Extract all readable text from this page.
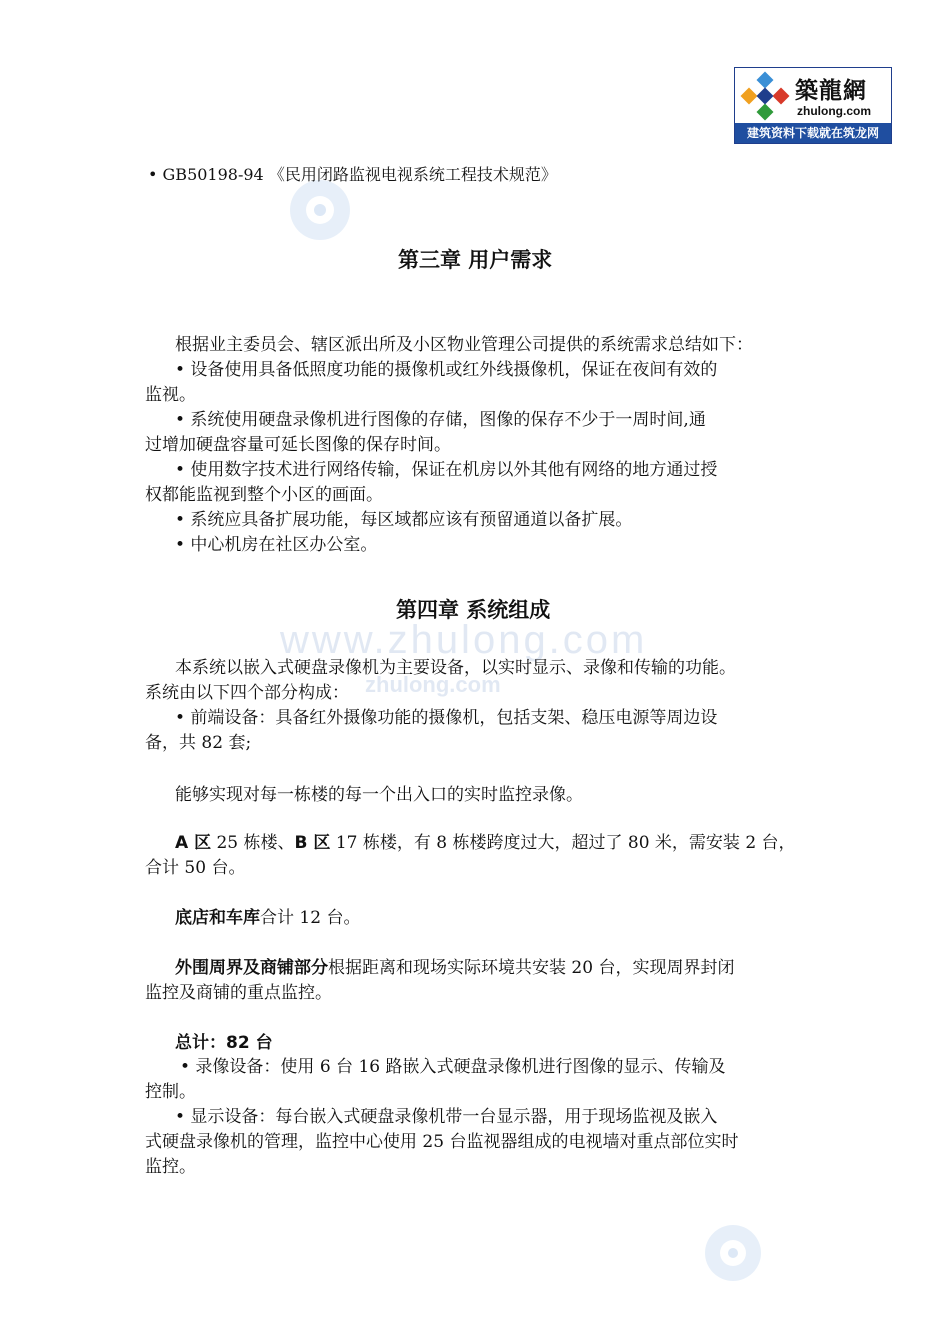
築龍網
zhulong.com
建筑资料下载就在筑龙网
www.zhulong.com
zhulong.com
• GB50198-94 《民用闭路监视电视系统工程技术规范》
第三章 用户需求
根据业主委员会、辖区派出所及小区物业管理公司提供的系统需求总结如下：
• 设备使用具备低照度功能的摄像机或红外线摄像机，保证在夜间有效的
监视。
• 系统使用硬盘录像机进行图像的存储，图像的保存不少于一周时间,通
过增加硬盘容量可延长图像的保存时间。
• 使用数字技术进行网络传输，保证在机房以外其他有网络的地方通过授
权都能监视到整个小区的画面。
• 系统应具备扩展功能，每区域都应该有预留通道以备扩展。
• 中心机房在社区办公室。
第四章 系统组成
本系统以嵌入式硬盘录像机为主要设备，以实时显示、录像和传输的功能。
系统由以下四个部分构成：
• 前端设备：具备红外摄像功能的摄像机，包括支架、稳压电源等周边设
备，共 82 套;
能够实现对每一栋楼的每一个出入口的实时监控录像。
A 区 25 栋楼、B 区 17 栋楼，有 8 栋楼跨度过大，超过了 80 米，需安装 2 台，
合计 50 台。
底店和车库合计 12 台。
外围周界及商铺部分根据距离和现场实际环境共安装 20 台，实现周界封闭
监控及商铺的重点监控。
总计：82 台
• 录像设备：使用 6 台 16 路嵌入式硬盘录像机进行图像的显示、传输及
控制。
• 显示设备：每台嵌入式硬盘录像机带一台显示器，用于现场监视及嵌入
式硬盘录像机的管理，监控中心使用 25 台监视器组成的电视墙对重点部位实时
监控。
